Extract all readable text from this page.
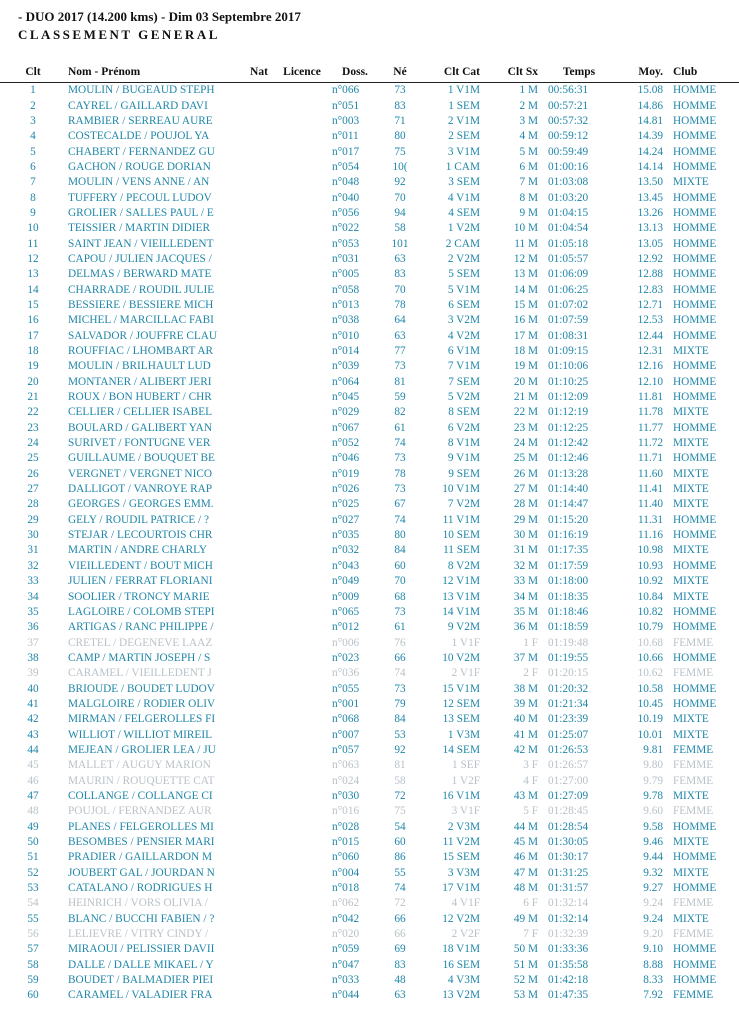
- DUO 2017 (14.200 kms) - Dim 03 Septembre 2017
CLASSEMENT GENERAL
Clt	Nom - Prénom	Nat	Licence	Doss.	Né	Clt Cat	Clt Sx	Temps	Moy.	Club
1	MOULIN / BUGEAUD STEPH			n°066	73	1 V1M	1 M	00:56:31	15.08	HOMME
2	CAYREL / GAILLARD DAVI			n°051	83	1 SEM	2 M	00:57:21	14.86	HOMME
3	RAMBIER / SERREAU AURE			n°003	71	2 V1M	3 M	00:57:32	14.81	HOMME
4	COSTECALDE / POUJOL YA			n°011	80	2 SEM	4 M	00:59:12	14.39	HOMME
5	CHABERT / FERNANDEZ GU			n°017	75	3 V1M	5 M	00:59:49	14.24	HOMME
6	GACHON / ROUGE DORIAN			n°054	10(	1 CAM	6 M	01:00:16	14.14	HOMME
7	MOULIN / VENS ANNE / AN			n°048	92	3 SEM	7 M	01:03:08	13.50	MIXTE
8	TUFFERY / PECOUL LUDOV			n°040	70	4 V1M	8 M	01:03:20	13.45	HOMME
9	GROLIER / SALLES PAUL / E			n°056	94	4 SEM	9 M	01:04:15	13.26	HOMME
10	TEISSIER / MARTIN DIDIER			n°022	58	1 V2M	10 M	01:04:54	13.13	HOMME
11	SAINT JEAN / VIEILLEDENT			n°053	101	2 CAM	11 M	01:05:18	13.05	HOMME
12	CAPOU / JULIEN JACQUES /			n°031	63	2 V2M	12 M	01:05:57	12.92	HOMME
13	DELMAS / BERWARD MATE			n°005	83	5 SEM	13 M	01:06:09	12.88	HOMME
14	CHARRADE / ROUDIL JULIE			n°058	70	5 V1M	14 M	01:06:25	12.83	HOMME
15	BESSIERE / BESSIERE MICH			n°013	78	6 SEM	15 M	01:07:02	12.71	HOMME
16	MICHEL / MARCILLAC FABI			n°038	64	3 V2M	16 M	01:07:59	12.53	HOMME
17	SALVADOR / JOUFFRE CLAU			n°010	63	4 V2M	17 M	01:08:31	12.44	HOMME
18	ROUFFIAC / LHOMBART AR			n°014	77	6 V1M	18 M	01:09:15	12.31	MIXTE
19	MOULIN / BRILHAULT LUD			n°039	73	7 V1M	19 M	01:10:06	12.16	HOMME
20	MONTANER / ALIBERT JERI			n°064	81	7 SEM	20 M	01:10:25	12.10	HOMME
21	ROUX / BON HUBERT / CHR			n°045	59	5 V2M	21 M	01:12:09	11.81	HOMME
22	CELLIER / CELLIER ISABEL			n°029	82	8 SEM	22 M	01:12:19	11.78	MIXTE
23	BOULARD / GALIBERT YAN			n°067	61	6 V2M	23 M	01:12:25	11.77	HOMME
24	SURIVET / FONTUGNE VER			n°052	74	8 V1M	24 M	01:12:42	11.72	MIXTE
25	GUILLAUME / BOUQUET BE			n°046	73	9 V1M	25 M	01:12:46	11.71	HOMME
26	VERGNET / VERGNET NICO			n°019	78	9 SEM	26 M	01:13:28	11.60	MIXTE
27	DALLIGOT / VANROYE RAP			n°026	73	10 V1M	27 M	01:14:40	11.41	MIXTE
28	GEORGES / GEORGES EMM.			n°025	67	7 V2M	28 M	01:14:47	11.40	MIXTE
29	GELY / ROUDIL PATRICE / ?			n°027	74	11 V1M	29 M	01:15:20	11.31	HOMME
30	STEJAR / LECOURTOIS CHR			n°035	80	10 SEM	30 M	01:16:19	11.16	HOMME
31	MARTIN / ANDRE CHARLY			n°032	84	11 SEM	31 M	01:17:35	10.98	MIXTE
32	VIEILLEDENT / BOUT MICH			n°043	60	8 V2M	32 M	01:17:59	10.93	HOMME
33	JULIEN / FERRAT FLORIANI			n°049	70	12 V1M	33 M	01:18:00	10.92	MIXTE
34	SOOLIER / TRONCY MARIE			n°009	68	13 V1M	34 M	01:18:35	10.84	MIXTE
35	LAGLOIRE / COLOMB STEPI			n°065	73	14 V1M	35 M	01:18:46	10.82	HOMME
36	ARTIGAS / RANC PHILIPPE /			n°012	61	9 V2M	36 M	01:18:59	10.79	HOMME
37	CRETEL / DEGENEVE LAAZ			n°006	76	1 V1F	1 F	01:19:48	10.68	FEMME
38	CAMP / MARTIN JOSEPH / S			n°023	66	10 V2M	37 M	01:19:55	10.66	HOMME
39	CARAMEL / VIEILLEDENT J			n°036	74	2 V1F	2 F	01:20:15	10.62	FEMME
40	BRIOUDE / BOUDET LUDOV			n°055	73	15 V1M	38 M	01:20:32	10.58	HOMME
41	MALGLOIRE / RODIER OLIV			n°001	79	12 SEM	39 M	01:21:34	10.45	HOMME
42	MIRMAN / FELGEROLLES FI			n°068	84	13 SEM	40 M	01:23:39	10.19	MIXTE
43	WILLIOT / WILLIOT MIREIL			n°007	53	1 V3M	41 M	01:25:07	10.01	MIXTE
44	MEJEAN / GROLIER LEA / JU			n°057	92	14 SEM	42 M	01:26:53	9.81	FEMME
45	MALLET / AUGUY MARION			n°063	81	1 SEF	3 F	01:26:57	9.80	FEMME
46	MAURIN / ROUQUETTE CAT			n°024	58	1 V2F	4 F	01:27:00	9.79	FEMME
47	COLLANGE / COLLANGE CI			n°030	72	16 V1M	43 M	01:27:09	9.78	MIXTE
48	POUJOL / FERNANDEZ AUR			n°016	75	3 V1F	5 F	01:28:45	9.60	FEMME
49	PLANES / FELGEROLLES MI			n°028	54	2 V3M	44 M	01:28:54	9.58	HOMME
50	BESOMBES / PENSIER MARI			n°015	60	11 V2M	45 M	01:30:05	9.46	MIXTE
51	PRADIER / GAILLARDON M			n°060	86	15 SEM	46 M	01:30:17	9.44	HOMME
52	JOUBERT GAL / JOURDAN N			n°004	55	3 V3M	47 M	01:31:25	9.32	MIXTE
53	CATALANO / RODRIGUES H			n°018	74	17 V1M	48 M	01:31:57	9.27	HOMME
54	HEINRICH / VORS OLIVIA /			n°062	72	4 V1F	6 F	01:32:14	9.24	FEMME
55	BLANC / BUCCHI FABIEN / ?			n°042	66	12 V2M	49 M	01:32:14	9.24	MIXTE
56	LELIEVRE / VITRY CINDY /			n°020	66	2 V2F	7 F	01:32:39	9.20	FEMME
57	MIRAOUI / PELISSIER DAVII			n°059	69	18 V1M	50 M	01:33:36	9.10	HOMME
58	DALLE / DALLE MIKAEL / Y			n°047	83	16 SEM	51 M	01:35:58	8.88	HOMME
59	BOUDET / BALMADIER PIEI			n°033	48	4 V3M	52 M	01:42:18	8.33	HOMME
60	CARAMEL / VALADIER FRA			n°044	63	13 V2M	53 M	01:47:35	7.92	FEMME
